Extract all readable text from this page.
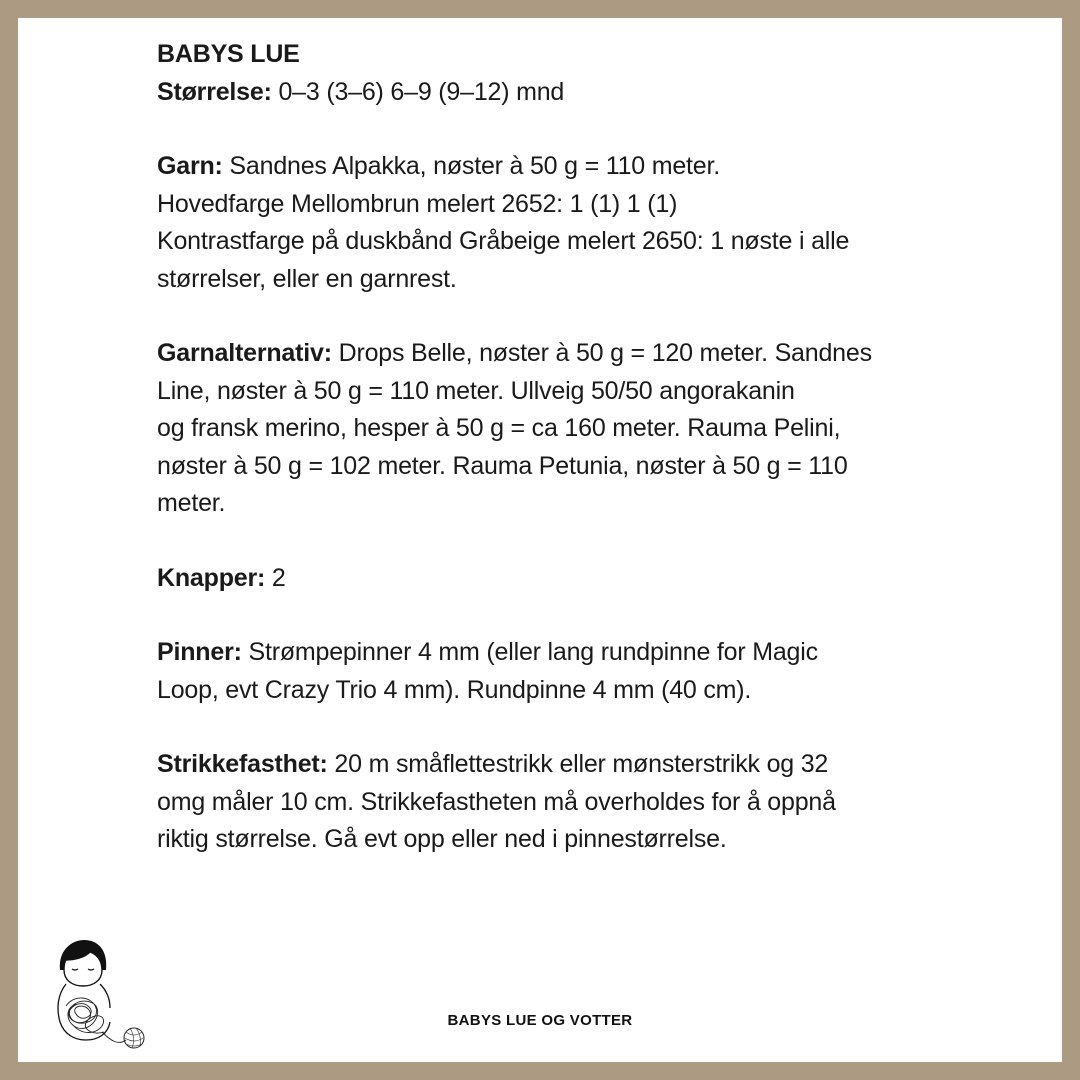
BABYS LUE

Størrelse: 0–3 (3–6) 6–9 (9–12) mnd

Garn: Sandnes Alpakka, nøster à 50 g = 110 meter.

Hovedfarge Mellombrun melert 2652: 1 (1) 1 (1)

Kontrastfarge på duskbånd Gråbeige melert 2650: 1 nøste i alle

størrelser, eller en garnrest.

Garnalternativ: Drops Belle, nøster à 50 g = 120 meter. Sandnes

Line, nøster à 50 g = 110 meter. Ullveig 50/50 angorakanin

og fransk merino, hesper à 50 g = ca 160 meter. Rauma Pelini,

nøster à 50 g = 102 meter. Rauma Petunia, nøster à 50 g = 110

meter.

Knapper: 2

Pinner: Strømpepinner 4 mm (eller lang rundpinne for Magic

Loop, evt Crazy Trio 4 mm). Rundpinne 4 mm (40 cm).

Strikkefasthet: 20 m småflettestrikk eller mønsterstrikk og 32

omg måler 10 cm. Strikkefastheten må overholdes for å oppnå

riktig størrelse. Gå evt opp eller ned i pinnestørrelse.

BABYS LUE OG VOTTER
